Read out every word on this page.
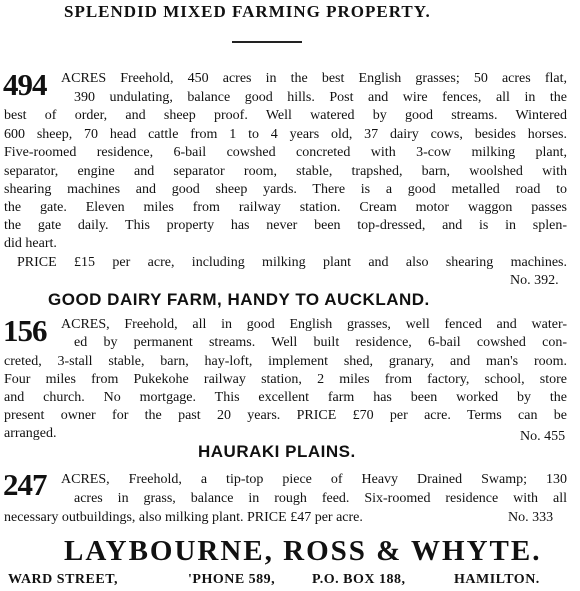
SPLENDID MIXED FARMING PROPERTY.
494 ACRES Freehold, 450 acres in the best English grasses; 50 acres flat,
390 undulating, balance good hills. Post and wire fences, all in the
best of order, and sheep proof. Well watered by good streams. Wintered
600 sheep, 70 head cattle from 1 to 4 years old, 37 dairy cows, besides horses.
Five-roomed residence, 6-bail cowshed concreted with 3-cow milking plant,
separator, engine and separator room, stable, trapshed, barn, woolshed with
shearing machines and good sheep yards. There is a good metalled road to
the gate. Eleven miles from railway station. Cream motor waggon passes
the gate daily. This property has never been top-dressed, and is in splen-
did heart.
PRICE £15 per acre, including milking plant and also shearing machines.
No. 392.
GOOD DAIRY FARM, HANDY TO AUCKLAND.
156 ACRES, Freehold, all in good English grasses, well fenced and water-
ed by permanent streams. Well built residence, 6-bail cowshed con-
creted, 3-stall stable, barn, hay-loft, implement shed, granary, and man's room.
Four miles from Pukekohe railway station, 2 miles from factory, school, store
and church. No mortgage. This excellent farm has been worked by the
present owner for the past 20 years. PRICE £70 per acre. Terms can be
arranged.	No. 455
HAURAKI PLAINS.
247 ACRES, Freehold, a tip-top piece of Heavy Drained Swamp; 130
acres in grass, balance in rough feed. Six-roomed residence with all
necessary outbuildings, also milking plant. PRICE £47 per acre.	No. 333
LAYBOURNE, ROSS & WHYTE.
WARD STREET,	'PHONE 589,	P.O. BOX 188,	HAMILTON.
